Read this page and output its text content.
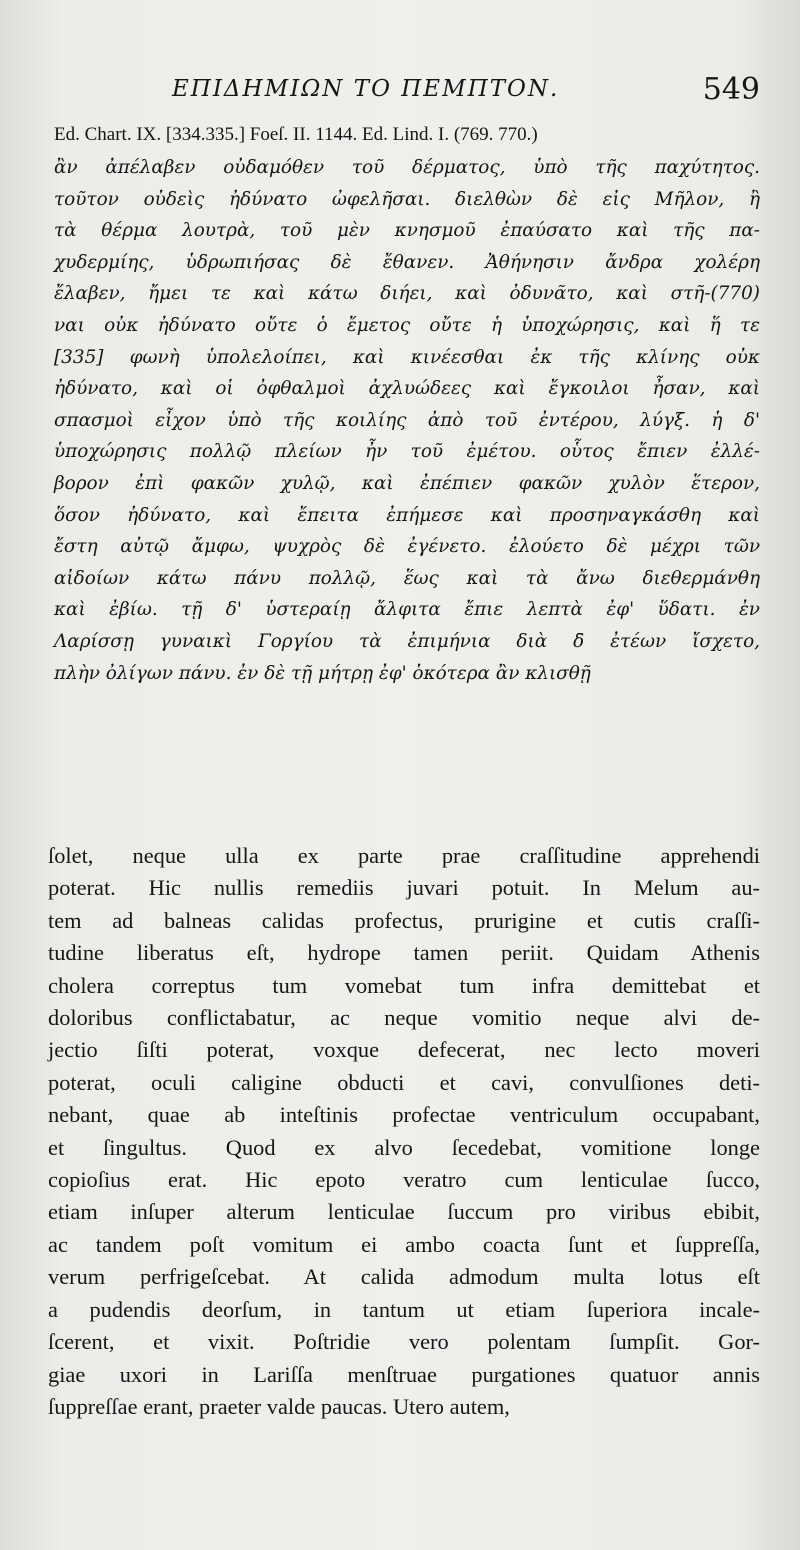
ΕΠΙΔΗΜΙΩΝ ΤΟ ΠΕΜΠΤΟΝ.	549
Ed. Chart. IX. [334.335.] Foeſ. II. 1144. Ed. Lind. I. (769. 770.)
ἂν ἀπέλαβεν οὐδαμόθεν τοῦ δέρματος, ὑπὸ τῆς παχύτητος.
τοῦτον οὐδεὶς ἠδύνατο ὠφελῆσαι. διελθὼν δὲ εἰς Μῆλον, ἢ
τὰ θέρμα λουτρὰ, τοῦ μὲν κνησμοῦ ἐπαύσατο καὶ τῆς πα-
χυδερμίης, ὑδρωπιήσας δὲ ἔθανεν. Ἀθήνησιν ἄνδρα χολέρη
ἔλαβεν, ἤμει τε καὶ κάτω διήει, καὶ ὀδυνᾶτο, καὶ στῆ-(770)
ναι οὐκ ἠδύνατο οὔτε ὁ ἔμετος οὔτε ἡ ὑποχώρησις, καὶ ἥ τε
[335] φωνὴ ὑπολελοίπει, καὶ κινέεσθαι ἐκ τῆς κλίνης οὐκ
ἠδύνατο, καὶ οἱ ὀφθαλμοὶ ἀχλυώδεες καὶ ἔγκοιλοι ἦσαν, καὶ
σπασμοὶ εἶχον ὑπὸ τῆς κοιλίης ἀπὸ τοῦ ἐντέρου, λύγξ. ἡ δ'
ὑποχώρησις πολλῷ πλείων ἦν τοῦ ἐμέτου. οὗτος ἔπιεν ἐλλέ-
βορον ἐπὶ φακῶν χυλῷ, καὶ ἐπέπιεν φακῶν χυλὸν ἕτερον,
ὅσον ἠδύνατο, καὶ ἔπειτα ἐπήμεσε καὶ προσηναγκάσθη καὶ
ἔστη αὐτῷ ἄμφω, ψυχρὸς δὲ ἐγένετο. ἐλούετο δὲ μέχρι τῶν
αἰδοίων κάτω πάνυ πολλῷ, ἕως καὶ τὰ ἄνω διεθερμάνθη
καὶ ἐβίω. τῇ δ' ὑστεραίῃ ἄλφιτα ἔπιε λεπτὰ ἐφ' ὕδατι. ἐν
Λαρίσσῃ γυναικὶ Γοργίου τὰ ἐπιμήνια διὰ δ̄ ἐτέων ἴσχετο,
πλὴν ὀλίγων πάνυ. ἐν δὲ τῇ μήτρῃ ἐφ' ὁκότερα ἂν κλισθῇ
ſolet, neque ulla ex parte prae craſſitudine apprehendi
poterat. Hic nullis remediis juvari potuit. In Melum au-
tem ad balneas calidas profectus, prurigine et cutis craſſi-
tudine liberatus eſt, hydrope tamen periit. Quidam Athenis
cholera correptus tum vomebat tum infra demittebat et
doloribus conflictabatur, ac neque vomitio neque alvi de-
jectio ſiſti poterat, voxque defecerat, nec lecto moveri
poterat, oculi caligine obducti et cavi, convulſiones deti-
nebant, quae ab inteſtinis profectae ventriculum occupabant,
et ſingultus. Quod ex alvo ſecedebat, vomitione longe
copioſius erat. Hic epoto veratro cum lenticulae ſucco,
etiam inſuper alterum lenticulae ſuccum pro viribus ebibit,
ac tandem poſt vomitum ei ambo coacta ſunt et ſuppreſſa,
verum perfrigeſcebat. At calida admodum multa lotus eſt
a pudendis deorſum, in tantum ut etiam ſuperiora incale-
ſcerent, et vixit. Poſtridie vero polentam ſumpſit. Gor-
giae uxori in Lariſſa menſtruae purgationes quatuor annis
ſuppreſſae erant, praeter valde paucas. Utero autem,
